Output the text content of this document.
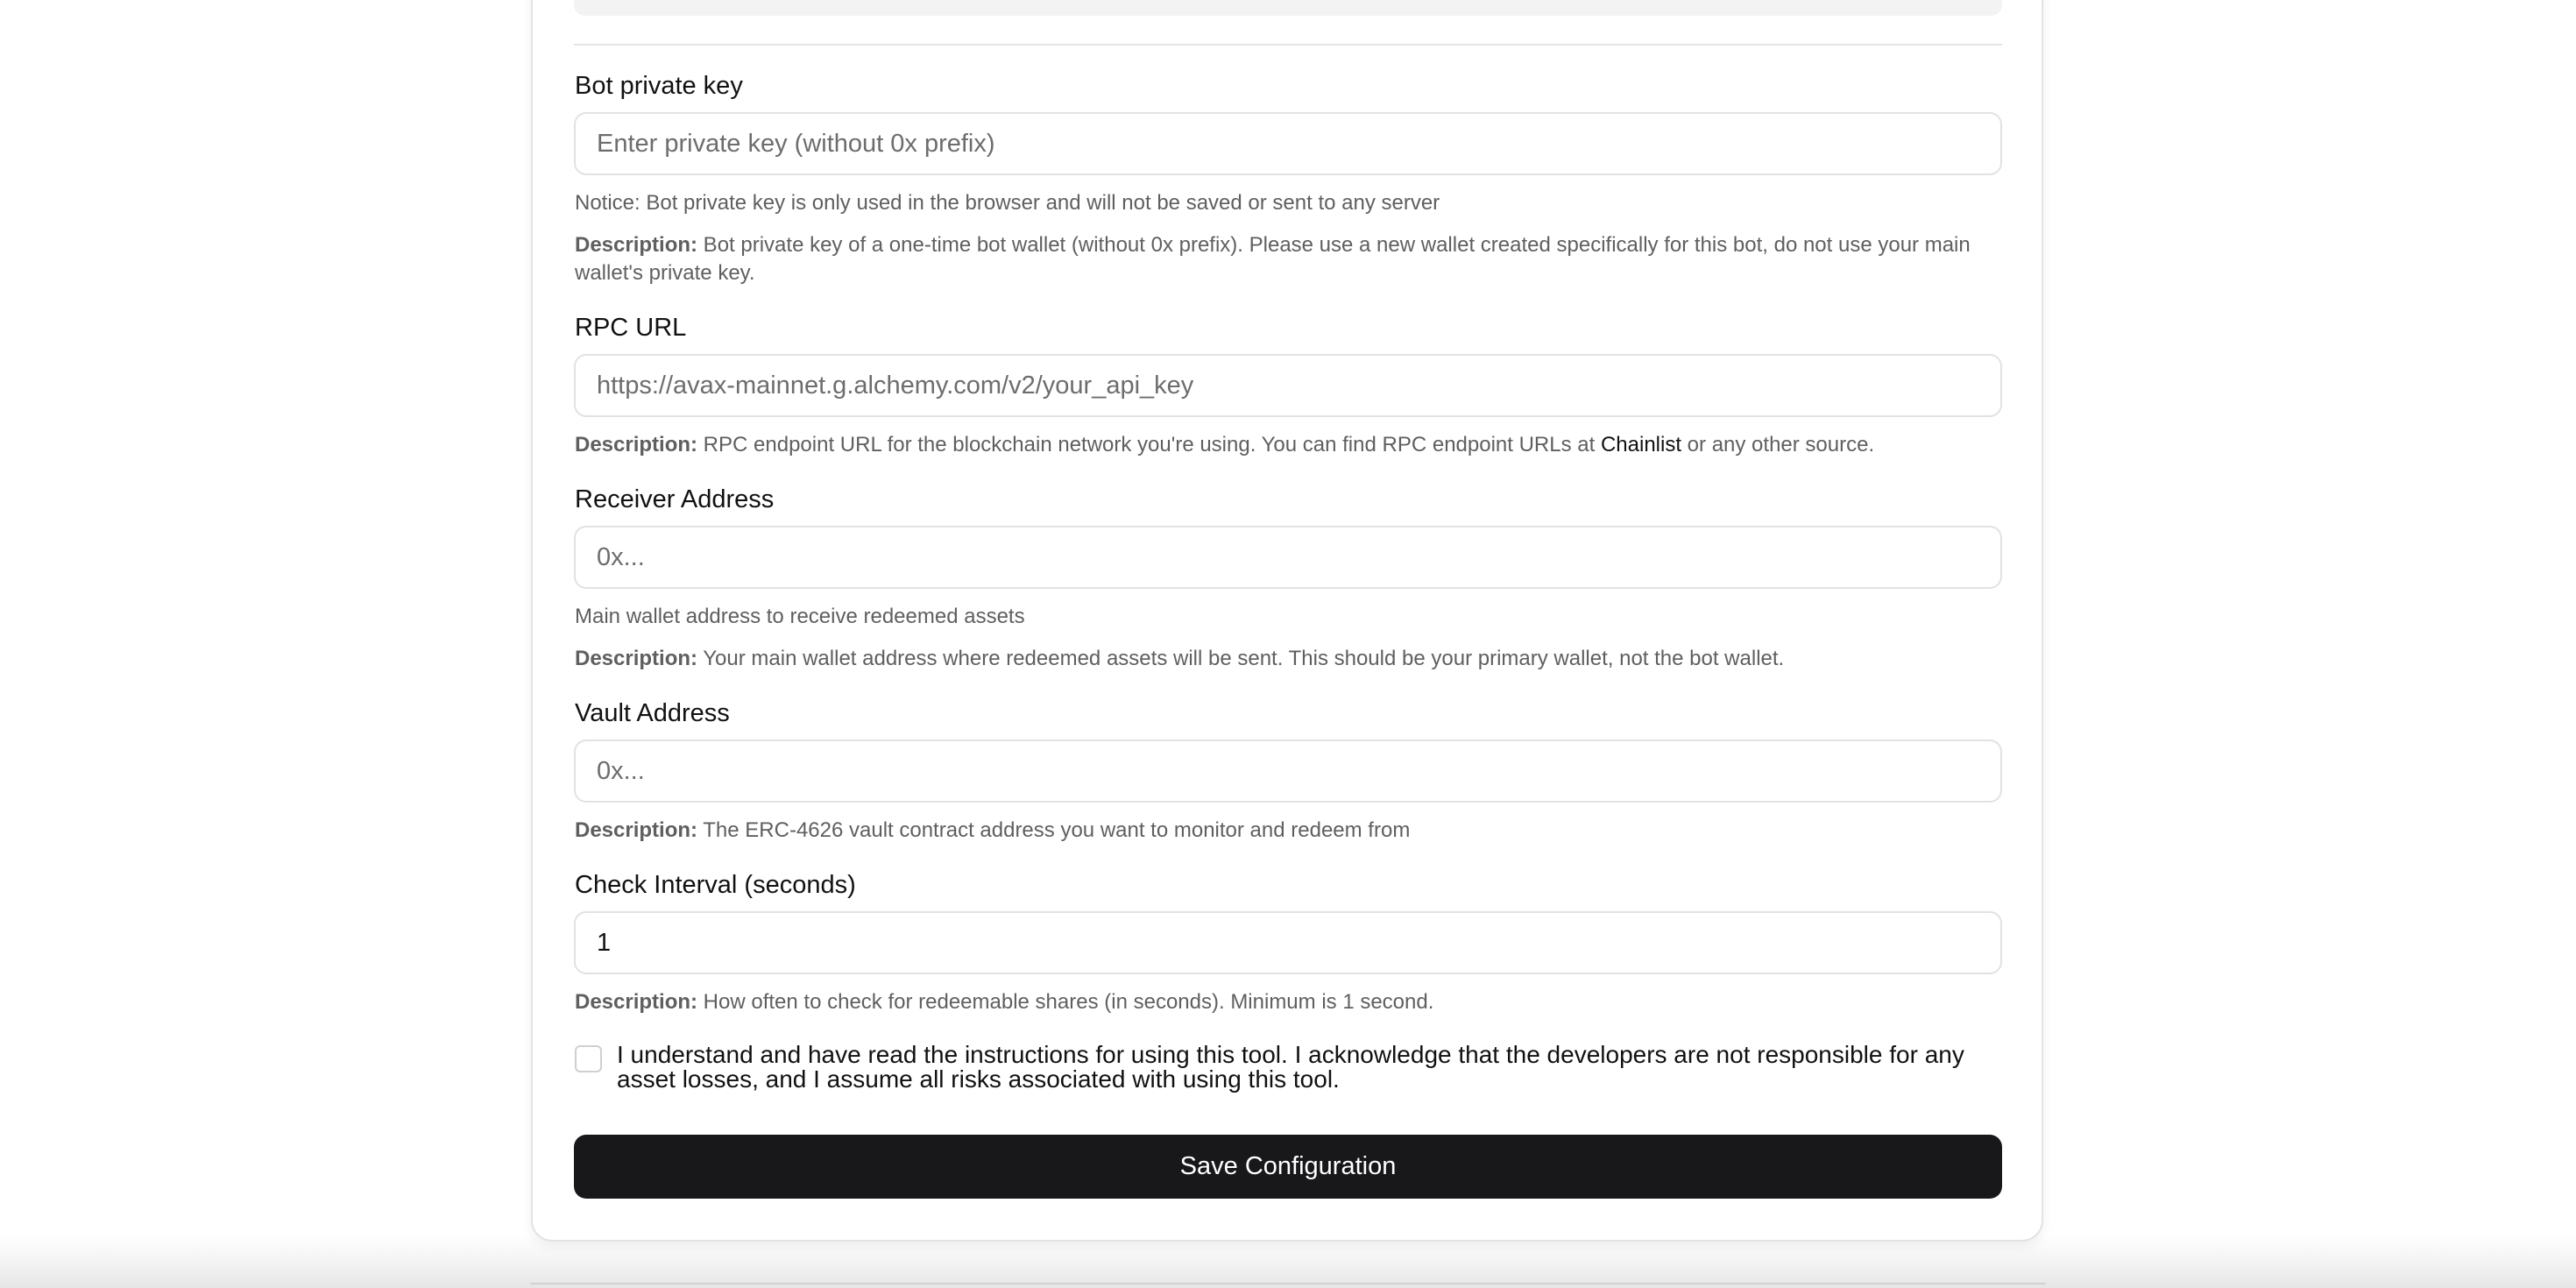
Bot private key
Enter private key (without 0x prefix)
Notice: Bot private key is only used in the browser and will not be saved or sent to any server
Description: Bot private key of a one-time bot wallet (without 0x prefix). Please use a new wallet created specifically for this bot, do not use your main wallet's private key.
RPC URL
https://avax-mainnet.g.alchemy.com/v2/your_api_key
Description: RPC endpoint URL for the blockchain network you're using. You can find RPC endpoint URLs at Chainlist or any other source.
Receiver Address
0x...
Main wallet address to receive redeemed assets
Description: Your main wallet address where redeemed assets will be sent. This should be your primary wallet, not the bot wallet.
Vault Address
0x...
Description: The ERC-4626 vault contract address you want to monitor and redeem from
Check Interval (seconds)
1
Description: How often to check for redeemable shares (in seconds). Minimum is 1 second.
I understand and have read the instructions for using this tool. I acknowledge that the developers are not responsible for any asset losses, and I assume all risks associated with using this tool.
Save Configuration
